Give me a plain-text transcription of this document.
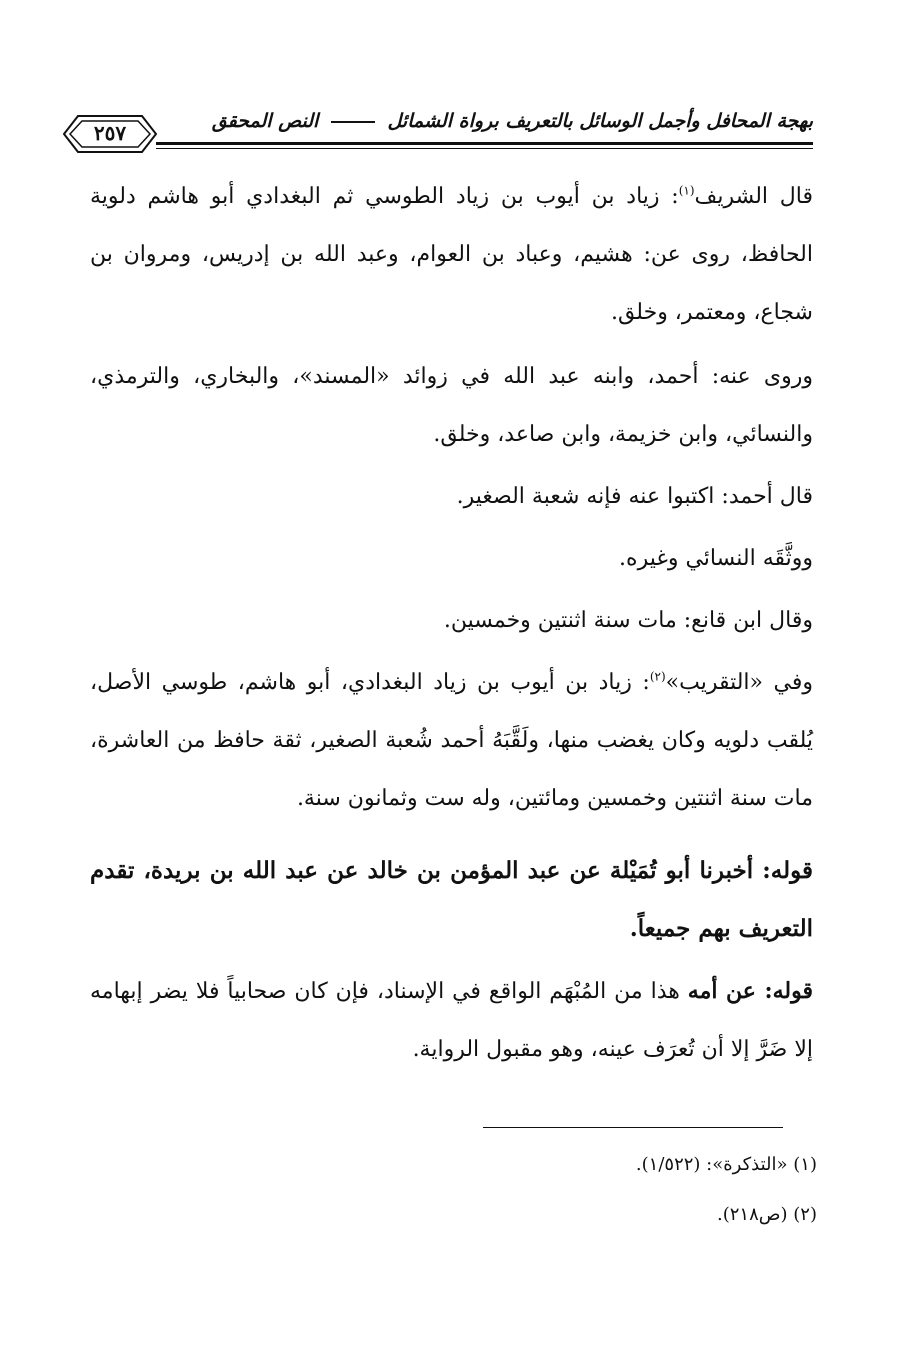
بهجة المحافل وأجمل الوسائل بالتعريف برواة الشمائل  النص المحقق
٢٥٧

قال الشريف$^{(١)}$: زياد بن أيوب بن زياد الطوسي ثم البغدادي أبو هاشم دلوية الحافظ، روى عن: هشيم، وعباد بن العوام، وعبد الله بن إدريس، ومروان بن شجاع، ومعتمر، وخلق.

وروى عنه: أحمد، وابنه عبد الله في زوائد «المسند»، والبخاري، والترمذي، والنسائي، وابن خزيمة، وابن صاعد، وخلق.

قال أحمد: اكتبوا عنه فإنه شعبة الصغير.

ووثَّقَه النسائي وغيره.

وقال ابن قانع: مات سنة اثنتين وخمسين.

وفي «التقريب»$^{(٢)}$: زياد بن أيوب بن زياد البغدادي، أبو هاشم، طوسي الأصل، يُلقب دلويه وكان يغضب منها، ولَقَّبَهُ أحمد شُعبة الصغير، ثقة حافظ من العاشرة، مات سنة اثنتين وخمسين ومائتين، وله ست وثمانون سنة.

قوله: أخبرنا أبو تُمَيْلة عن عبد المؤمن بن خالد عن عبد الله بن بريدة، تقدم التعريف بهم جميعاً.

قوله: عن أمه هذا من المُبْهَم الواقع في الإسناد، فإن كان صحابياً فلا يضر إبهامه إلا ضَرَّ إلا أن تُعرَف عينه، وهو مقبول الرواية.

(١) «التذكرة»: (١/٥٢٢).
(٢) (ص٢١٨).
